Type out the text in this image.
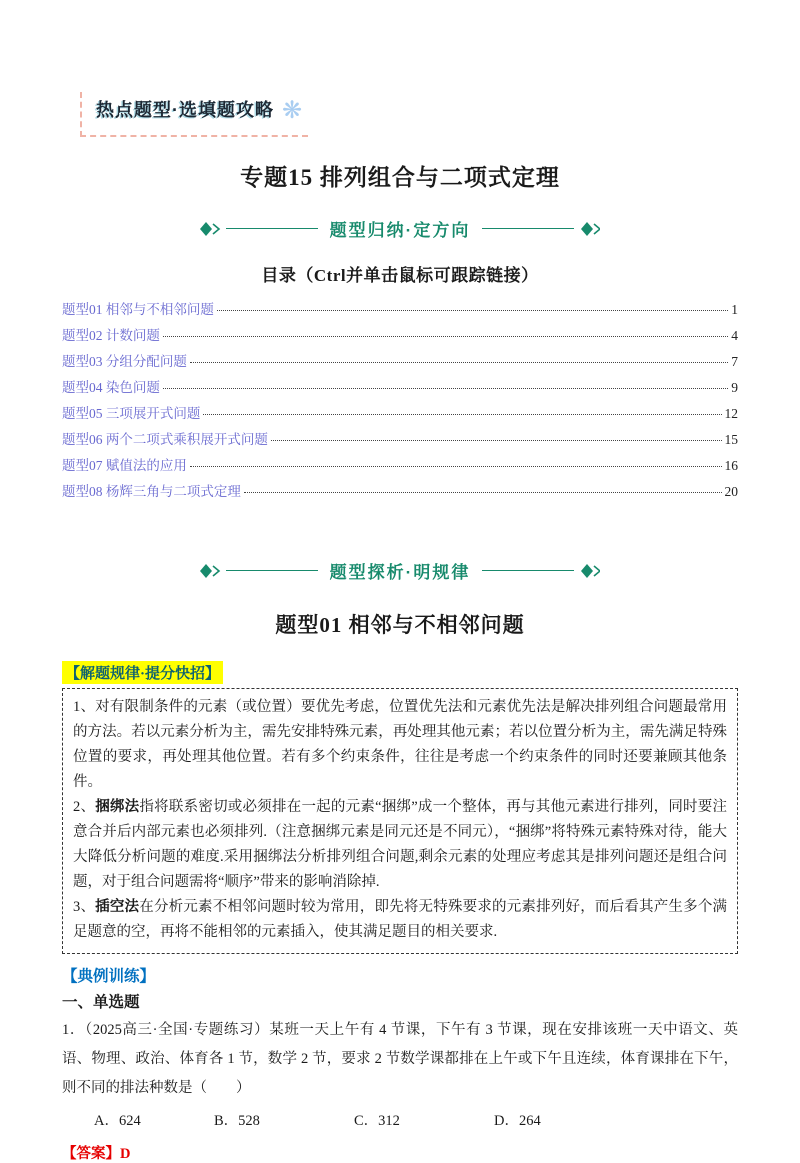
热点题型·选填题攻略 ❋
专题15 排列组合与二项式定理
题型归纳·定方向
目录（Ctrl并单击鼠标可跟踪链接）
题型01 相邻与不相邻问题	1
题型02 计数问题	4
题型03 分组分配问题	7
题型04 染色问题	9
题型05 三项展开式问题	12
题型06 两个二项式乘积展开式问题	15
题型07 赋值法的应用	16
题型08 杨辉三角与二项式定理	20
题型探析·明规律
题型01 相邻与不相邻问题
【解题规律·提分快招】
1、对有限制条件的元素（或位置）要优先考虑，位置优先法和元素优先法是解决排列组合问题最常用的方法。若以元素分析为主，需先安排特殊元素，再处理其他元素；若以位置分析为主，需先满足特殊位置的要求，再处理其他位置。若有多个约束条件，往往是考虑一个约束条件的同时还要兼顾其他条件。
2、捆绑法指将联系密切或必须排在一起的元素“捆绑”成一个整体，再与其他元素进行排列，同时要注意合并后内部元素也必须排列.（注意捆绑元素是同元还是不同元），“捆绑”将特殊元素特殊对待，能大大降低分析问题的难度.采用捆绑法分析排列组合问题,剩余元素的处理应考虑其是排列问题还是组合问题，对于组合问题需将“顺序”带来的影响消除掉.
3、插空法在分析元素不相邻问题时较为常用，即先将无特殊要求的元素排列好，而后看其产生多个满足题意的空，再将不能相邻的元素插入，使其满足题目的相关要求.
【典例训练】
一、单选题
1．（2025高三·全国·专题练习）某班一天上午有 4 节课，下午有 3 节课，现在安排该班一天中语文、英语、物理、政治、体育各 1 节，数学 2 节，要求 2 节数学课都排在上午或下午且连续，体育课排在下午，则不同的排法种数是（　　）
A．624	B．528	C．312	D．264
【答案】D
